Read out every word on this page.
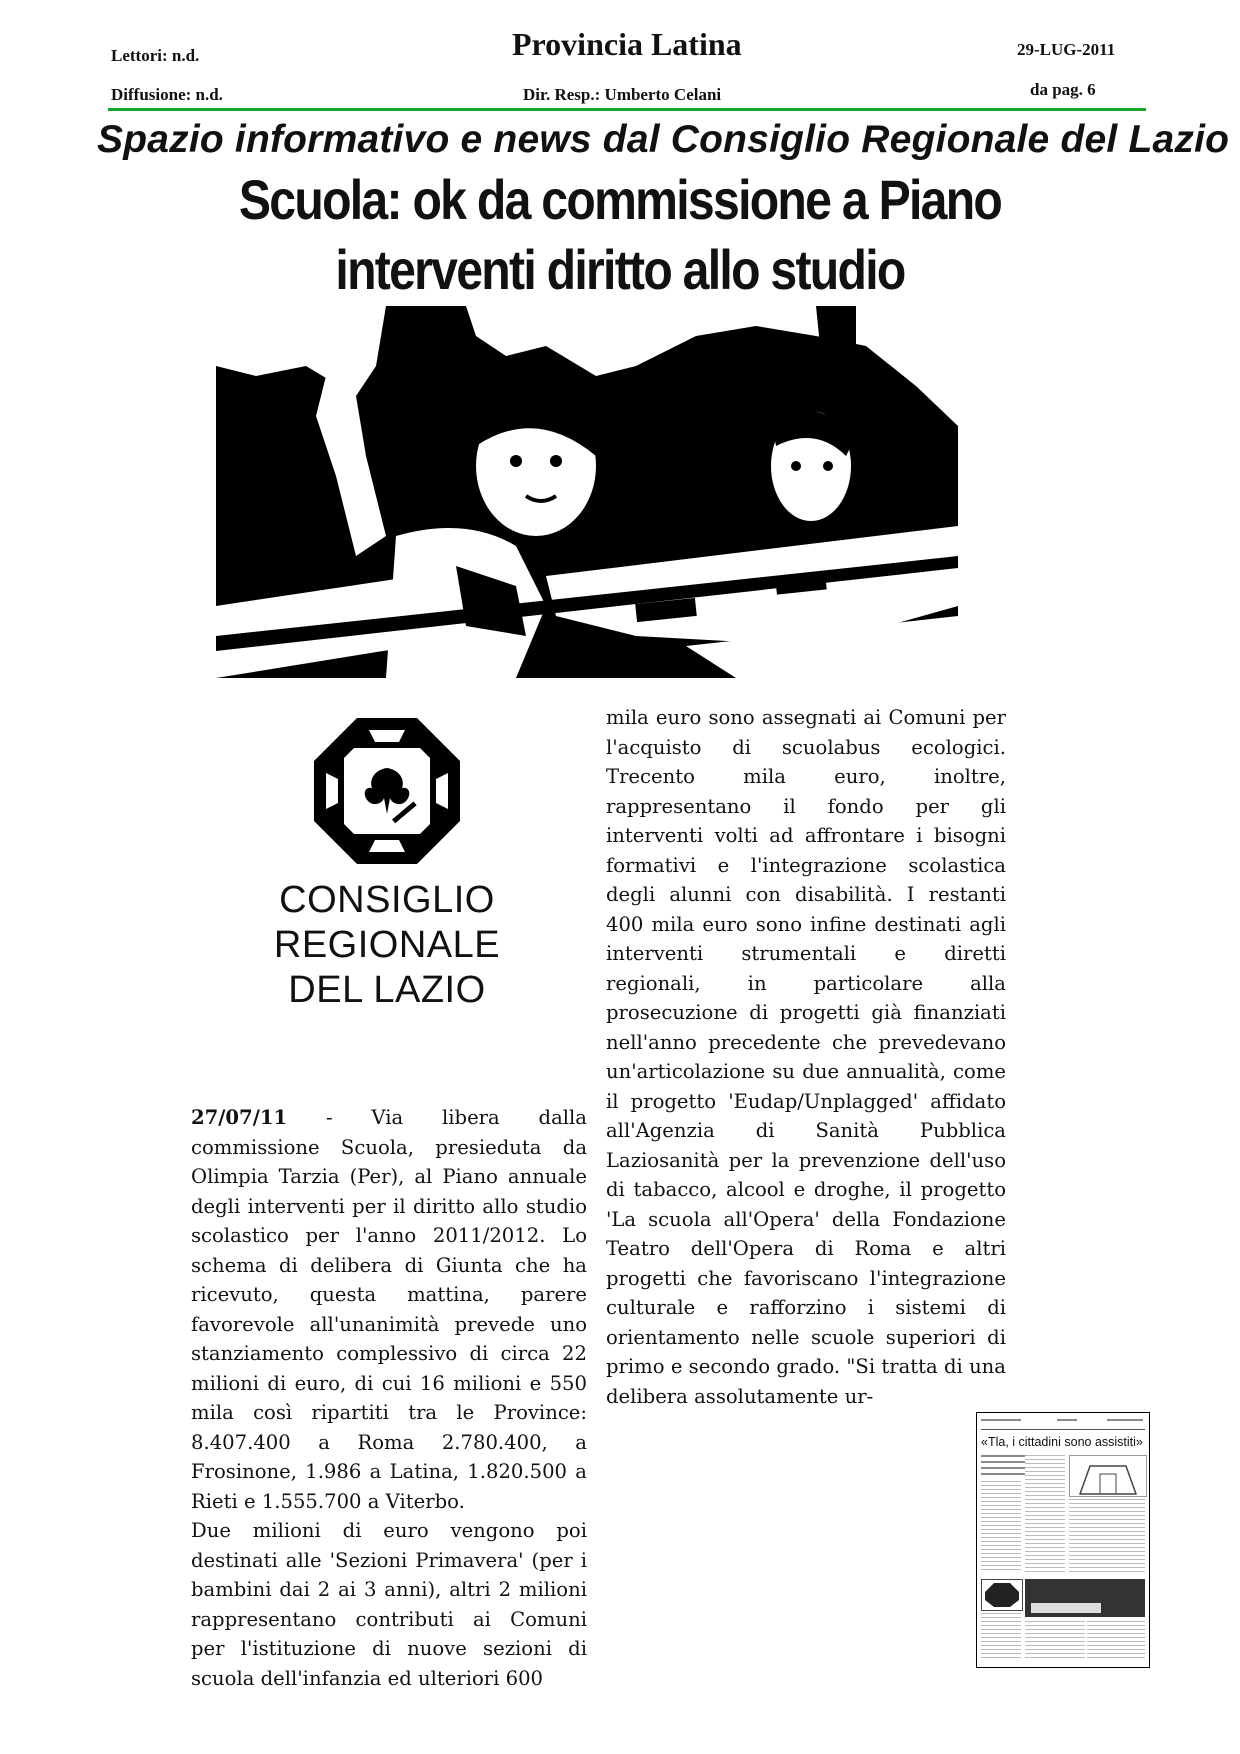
Lettori: n.d.	Provincia Latina	29-LUG-2011
Diffusione: n.d.	Dir. Resp.: Umberto Celani	da pag. 6
Spazio informativo e news dal Consiglio Regionale del Lazio
Scuola: ok da commissione a Piano
interventi diritto allo studio
CONSIGLIO
REGIONALE
DEL LAZIO

27/07/11 - Via libera dalla commissione Scuola, presieduta da Olimpia Tarzia (Per), al Piano annuale degli interventi per il diritto allo studio scolastico per l'anno 2011/2012. Lo schema di delibera di Giunta che ha ricevuto, questa mattina, parere favorevole all'unanimità prevede uno stanziamento complessivo di circa 22 milioni di euro, di cui 16 milioni e 550 mila così ripartiti tra le Province: 8.407.400 a Roma 2.780.400, a Frosinone, 1.986 a Latina, 1.820.500 a Rieti e 1.555.700 a Viterbo.

Due milioni di euro vengono poi destinati alle 'Sezioni Primavera' (per i bambini dai 2 ai 3 anni), altri 2 milioni rappresentano contributi ai Comuni per l'istituzione di nuove sezioni di scuola dell'infanzia ed ulteriori 600

mila euro sono assegnati ai Comuni per l'acquisto di scuolabus ecologici. Trecento mila euro, inoltre, rappresentano il fondo per gli interventi volti ad affrontare i bisogni formativi e l'integrazione scolastica degli alunni con disabilità. I restanti 400 mila euro sono infine destinati agli interventi strumentali e diretti regionali, in particolare alla prosecuzione di progetti già finanziati nell'anno precedente che prevedevano un'articolazione su due annualità, come il progetto 'Eudap/Unplagged' affidato all'Agenzia di Sanità Pubblica Laziosanità per la prevenzione dell'uso di tabacco, alcool e droghe, il progetto 'La scuola all'Opera' della Fondazione Teatro dell'Opera di Roma e altri progetti che favoriscano l'integrazione culturale e rafforzino i sistemi di orientamento nelle scuole superiori di primo e secondo grado. "Si tratta di una delibera assolutamente ur-

«Tla, i cittadini sono assistiti»
